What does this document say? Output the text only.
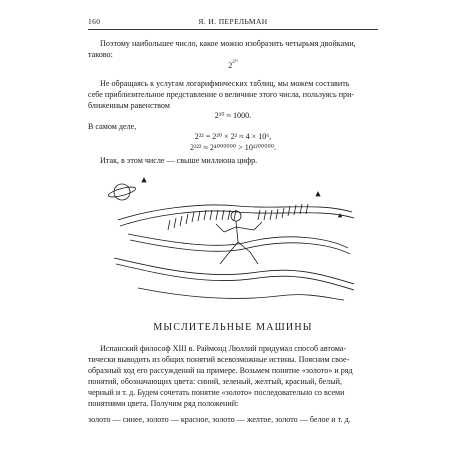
160	Я. И. ПЕРЕЛЬМАН
Поэтому наибольшее число, какое можно изобразить четырьмя двойками,
таково:
$2^{2^{22}}$
Не обращаясь к услугам логарифмических таблиц, мы можем составить
себе приблизительное представление о величине этого числа, пользуясь при-
ближенным равенством
2¹⁰ ≈ 1000.
В самом деле,
2²² = 2²⁰ × 2² ≈ 4 × 10⁶,
2²²² ≈ 2⁴⁰⁰⁰⁰⁰⁰ > 10¹²⁰⁰⁰⁰⁰.
Итак, в этом числе — свыше миллиона цифр.
МЫСЛИТЕЛЬНЫЕ МАШИНЫ
Испанский философ XIII в. Раймонд Люллий придумал способ автома-
тически выводить из общих понятий всевозможные истины. Поясним свое-
образный ход его рассуждений на примере. Возьмем понятие «золото» и ряд
понятий, обозначающих цвета: синий, зеленый, желтый, красный, белый,
черный и т. д. Будем сочетать понятие «золото» последовательно со всеми
понятиями цвета. Получим ряд положений:
золото — синее, золото — красное, золото — желтое, золото — белое и т. д.
